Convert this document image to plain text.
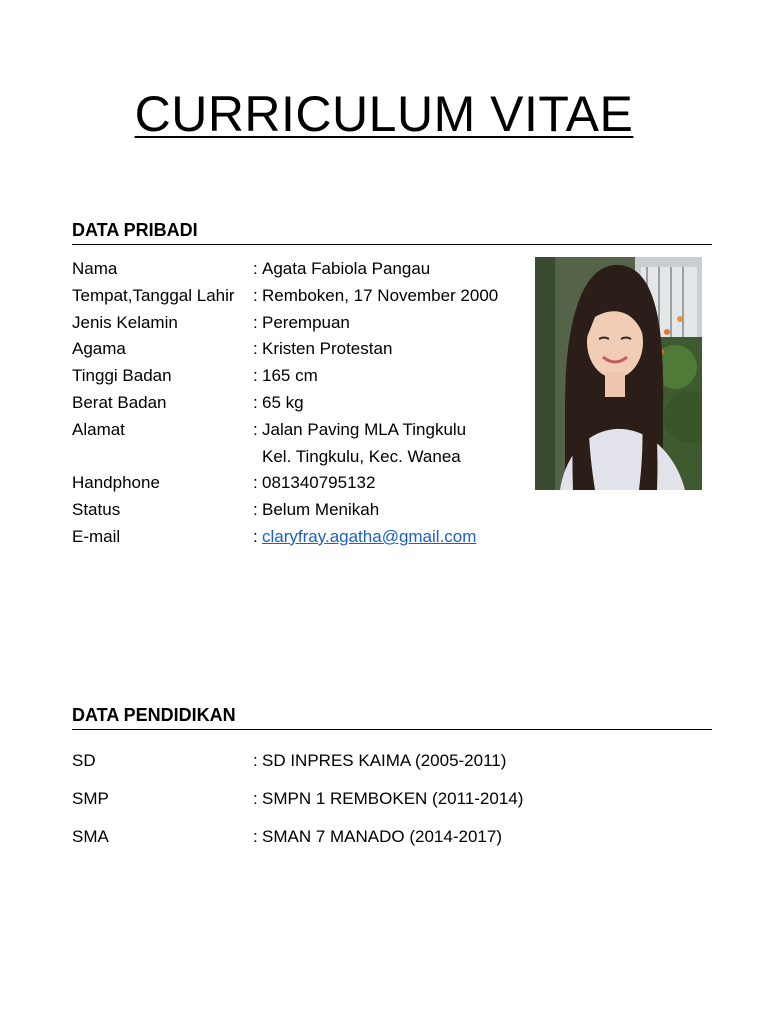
CURRICULUM VITAE
DATA PRIBADI
Nama	: Agata Fabiola Pangau
Tempat,Tanggal Lahir	: Remboken, 17 November 2000
Jenis Kelamin	: Perempuan
Agama	: Kristen Protestan
Tinggi Badan	: 165 cm
Berat Badan	: 65 kg
Alamat	: Jalan Paving MLA Tingkulu
Kel. Tingkulu, Kec. Wanea
Handphone	: 081340795132
Status	: Belum Menikah
E-mail	: claryfray.agatha@gmail.com
DATA PENDIDIKAN
SD	: SD INPRES KAIMA (2005-2011)
SMP	: SMPN 1 REMBOKEN (2011-2014)
SMA	: SMAN 7 MANADO (2014-2017)
